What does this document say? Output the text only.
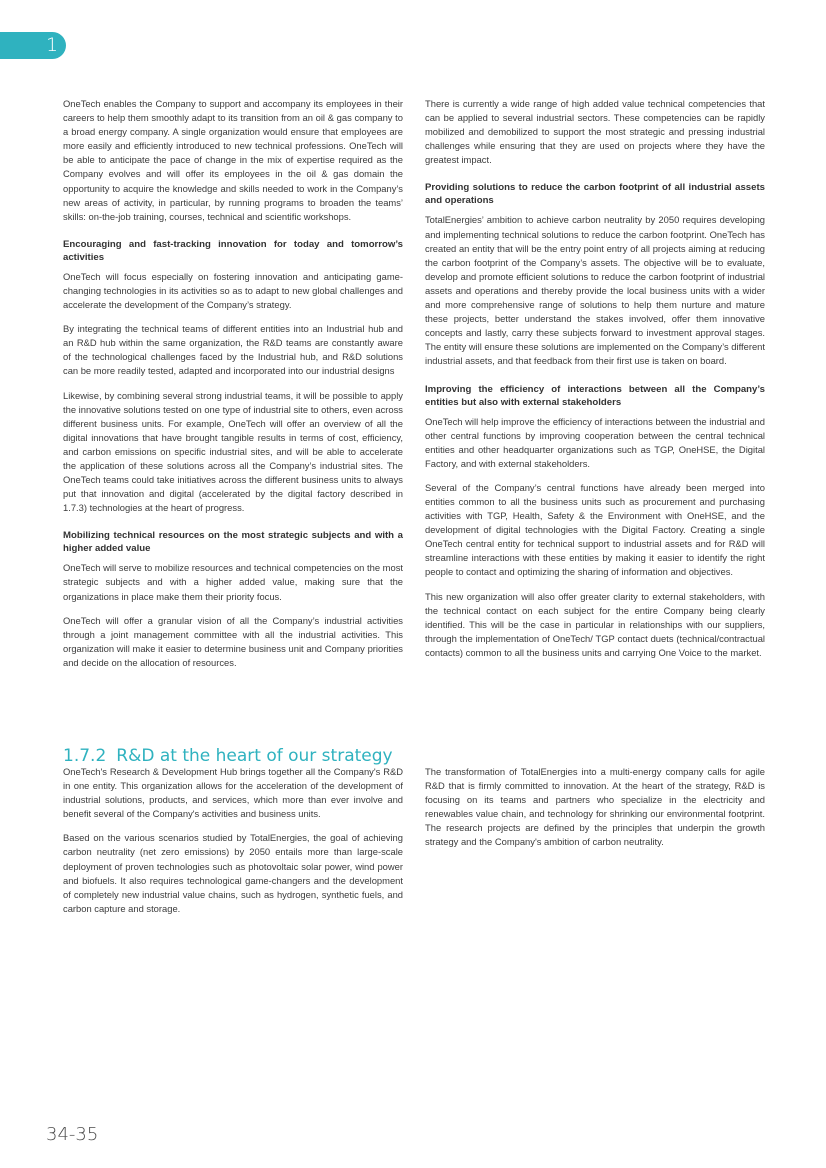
1

OneTech enables the Company to support and accompany its employees in their careers to help them smoothly adapt to its transition from an oil & gas company to a broad energy company. A single organization would ensure that employees are more easily and efficiently introduced to new technical professions. OneTech will be able to anticipate the pace of change in the mix of expertise required as the Company evolves and will offer its employees in the oil & gas domain the opportunity to acquire the knowledge and skills needed to work in the Company’s new areas of activity, in particular, by running programs to broaden the teams’ skills: on-the-job training, courses, technical and scientific workshops.

Encouraging and fast-tracking innovation for today and tomorrow’s activities

OneTech will focus especially on fostering innovation and anticipating game-changing technologies in its activities so as to adapt to new global challenges and accelerate the development of the Company’s strategy.

By integrating the technical teams of different entities into an Industrial hub and an R&D hub within the same organization, the R&D teams are constantly aware of the technological challenges faced by the Industrial hub, and R&D solutions can be more readily tested, adapted and incorporated into our industrial designs

Likewise, by combining several strong industrial teams, it will be possible to apply the innovative solutions tested on one type of industrial site to others, even across different business units. For example, OneTech will offer an overview of all the digital innovations that have brought tangible results in terms of cost, efficiency, and carbon emissions on specific industrial sites, and will be able to accelerate the application of these solutions across all the Company’s industrial sites. The OneTech teams could take initiatives across the different business units to always put that innovation and digital (accelerated by the digital factory described in 1.7.3) technologies at the heart of progress.

Mobilizing technical resources on the most strategic subjects and with a higher added value

OneTech will serve to mobilize resources and technical competencies on the most strategic subjects and with a higher added value, making sure that the organizations in place make them their priority focus.

OneTech will offer a granular vision of all the Company’s industrial activities through a joint management committee with all the industrial activities. This organization will make it easier to determine business unit and Company priorities and decide on the allocation of resources.

There is currently a wide range of high added value technical competencies that can be applied to several industrial sectors. These competencies can be rapidly mobilized and demobilized to support the most strategic and pressing industrial challenges while ensuring that they are used on projects where they have the greatest impact.

Providing solutions to reduce the carbon footprint of all industrial assets and operations

TotalEnergies’ ambition to achieve carbon neutrality by 2050 requires developing and implementing technical solutions to reduce the carbon footprint. OneTech has created an entity that will be the entry point entry of all projects aiming at reducing the carbon footprint of the Company’s assets. The objective will be to evaluate, develop and promote efficient solutions to reduce the carbon footprint of industrial assets and operations and thereby provide the local business units with a wider and more comprehensive range of solutions to help them nurture and mature these projects, better understand the stakes involved, offer them innovative concepts and lastly, carry these subjects forward to investment approval stages. The entity will ensure these solutions are implemented on the Company’s different industrial assets, and that feedback from their first use is taken on board.

Improving the efficiency of interactions between all the Company’s entities but also with external stakeholders

OneTech will help improve the efficiency of interactions between the industrial and other central functions by improving cooperation between the central technical entities and other headquarter organizations such as TGP, OneHSE, the Digital Factory, and with external stakeholders.

Several of the Company’s central functions have already been merged into entities common to all the business units such as procurement and purchasing activities with TGP, Health, Safety & the Environment with OneHSE, and the development of digital technologies with the Digital Factory. Creating a single OneTech central entity for technical support to industrial assets and for R&D will streamline interactions with these entities by making it easier to identify the right people to contact and optimizing the sharing of information and objectives.

This new organization will also offer greater clarity to external stakeholders, with the technical contact on each subject for the entire Company being clearly identified. This will be the case in particular in relationships with our suppliers, through the implementation of OneTech/ TGP contact duets (technical/contractual contacts) common to all the business units and carrying One Voice to the market.

1.7.2 R&D at the heart of our strategy

OneTech's Research & Development Hub brings together all the Company's R&D in one entity. This organization allows for the acceleration of the development of industrial solutions, products, and services, which more than ever involve and benefit several of the Company's activities and business units.

Based on the various scenarios studied by TotalEnergies, the goal of achieving carbon neutrality (net zero emissions) by 2050 entails more than large-scale deployment of proven technologies such as photovoltaic solar power, wind power and biofuels. It also requires technological game-changers and the development of completely new industrial value chains, such as hydrogen, synthetic fuels, and carbon capture and storage.

The transformation of TotalEnergies into a multi-energy company calls for agile R&D that is firmly committed to innovation. At the heart of the strategy, R&D is focusing on its teams and partners who specialize in the electricity and renewables value chain, and technology for shrinking our environmental footprint. The research projects are defined by the principles that underpin the growth strategy and the Company's ambition of carbon neutrality.

34-35
